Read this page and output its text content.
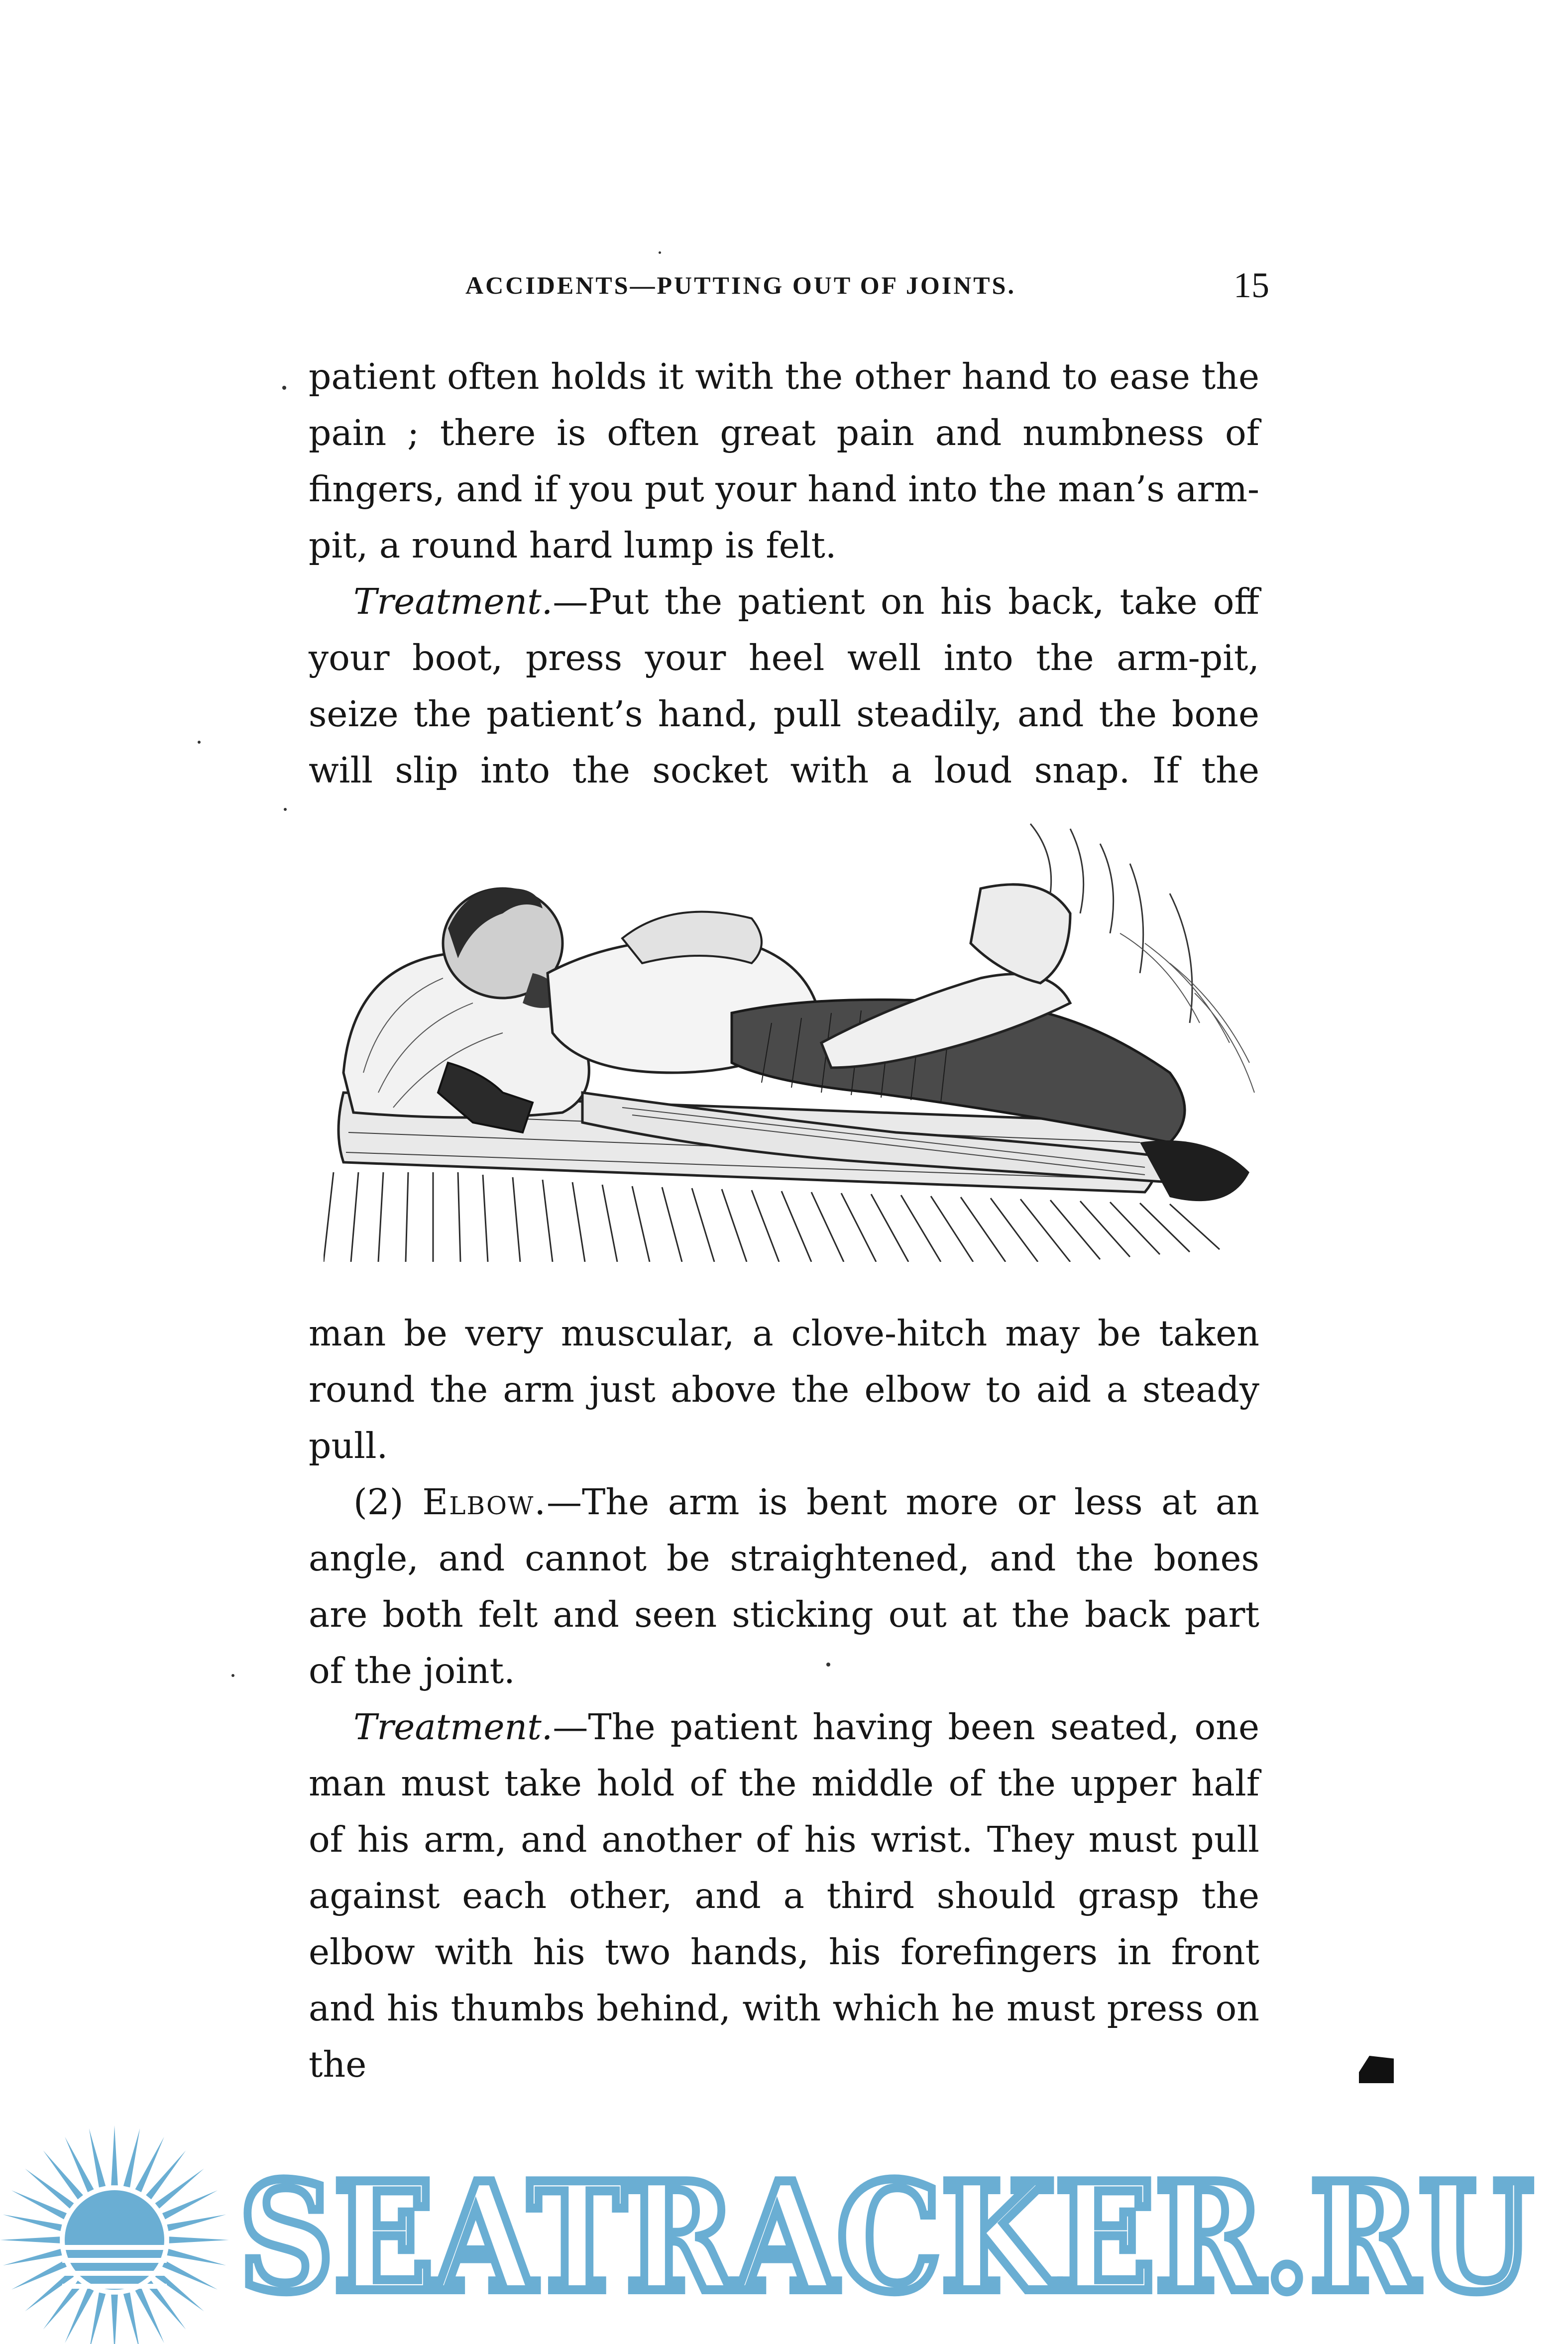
ACCIDENTS—PUTTING OUT OF JOINTS.	15

patient often holds it with the other hand to ease the pain ; there is often great pain and numbness of fingers, and if you put your hand into the man’s arm-pit, a round hard lump is felt.

Treatment.—Put the patient on his back, take off your boot, press your heel well into the arm-pit, seize the patient’s hand, pull steadily, and the bone will slip into the socket with a loud snap. If the

man be very muscular, a clove-hitch may be taken round the arm just above the elbow to aid a steady pull.

(2) Elbow.—The arm is bent more or less at an angle, and cannot be straightened, and the bones are both felt and seen sticking out at the back part of the joint.

Treatment.—The patient having been seated, one man must take hold of the middle of the upper half of his arm, and another of his wrist. They must pull against each other, and a third should grasp the elbow with his two hands, his forefingers in front and his thumbs behind, with which he must press on the

SEATRACKER.RU
